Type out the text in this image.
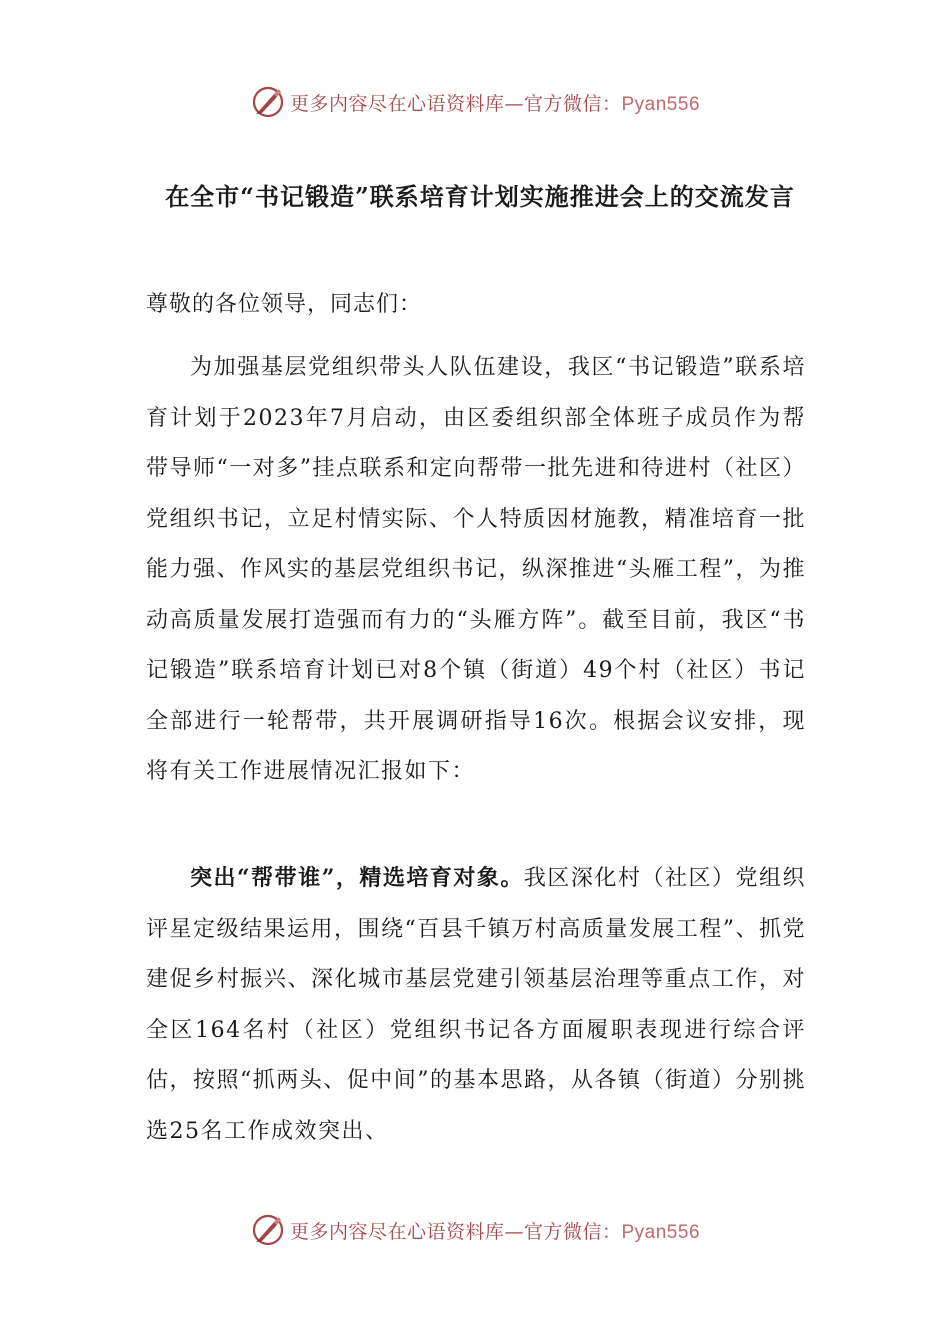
更多内容尽在心语资料库—官方微信：Pyan556
在全市“书记锻造”联系培育计划实施推进会上的交流发言

尊敬的各位领导，同志们：

为加强基层党组织带头人队伍建设，我区“书记锻造”联系培育计划于2023年7月启动，由区委组织部全体班子成员作为帮带导师“一对多”挂点联系和定向帮带一批先进和待进村（社区）党组织书记，立足村情实际、个人特质因材施教，精准培育一批能力强、作风实的基层党组织书记，纵深推进“头雁工程”，为推动高质量发展打造强而有力的“头雁方阵”。截至目前，我区“书记锻造”联系培育计划已对8个镇（街道）49个村（社区）书记全部进行一轮帮带，共开展调研指导16次。根据会议安排，现将有关工作进展情况汇报如下：

突出“帮带谁”，精选培育对象。我区深化村（社区）党组织评星定级结果运用，围绕“百县千镇万村高质量发展工程”、抓党建促乡村振兴、深化城市基层党建引领基层治理等重点工作，对全区164名村（社区）党组织书记各方面履职表现进行综合评估，按照“抓两头、促中间”的基本思路，从各镇（街道）分别挑选25名工作成效突出、

更多内容尽在心语资料库—官方微信：Pyan556
